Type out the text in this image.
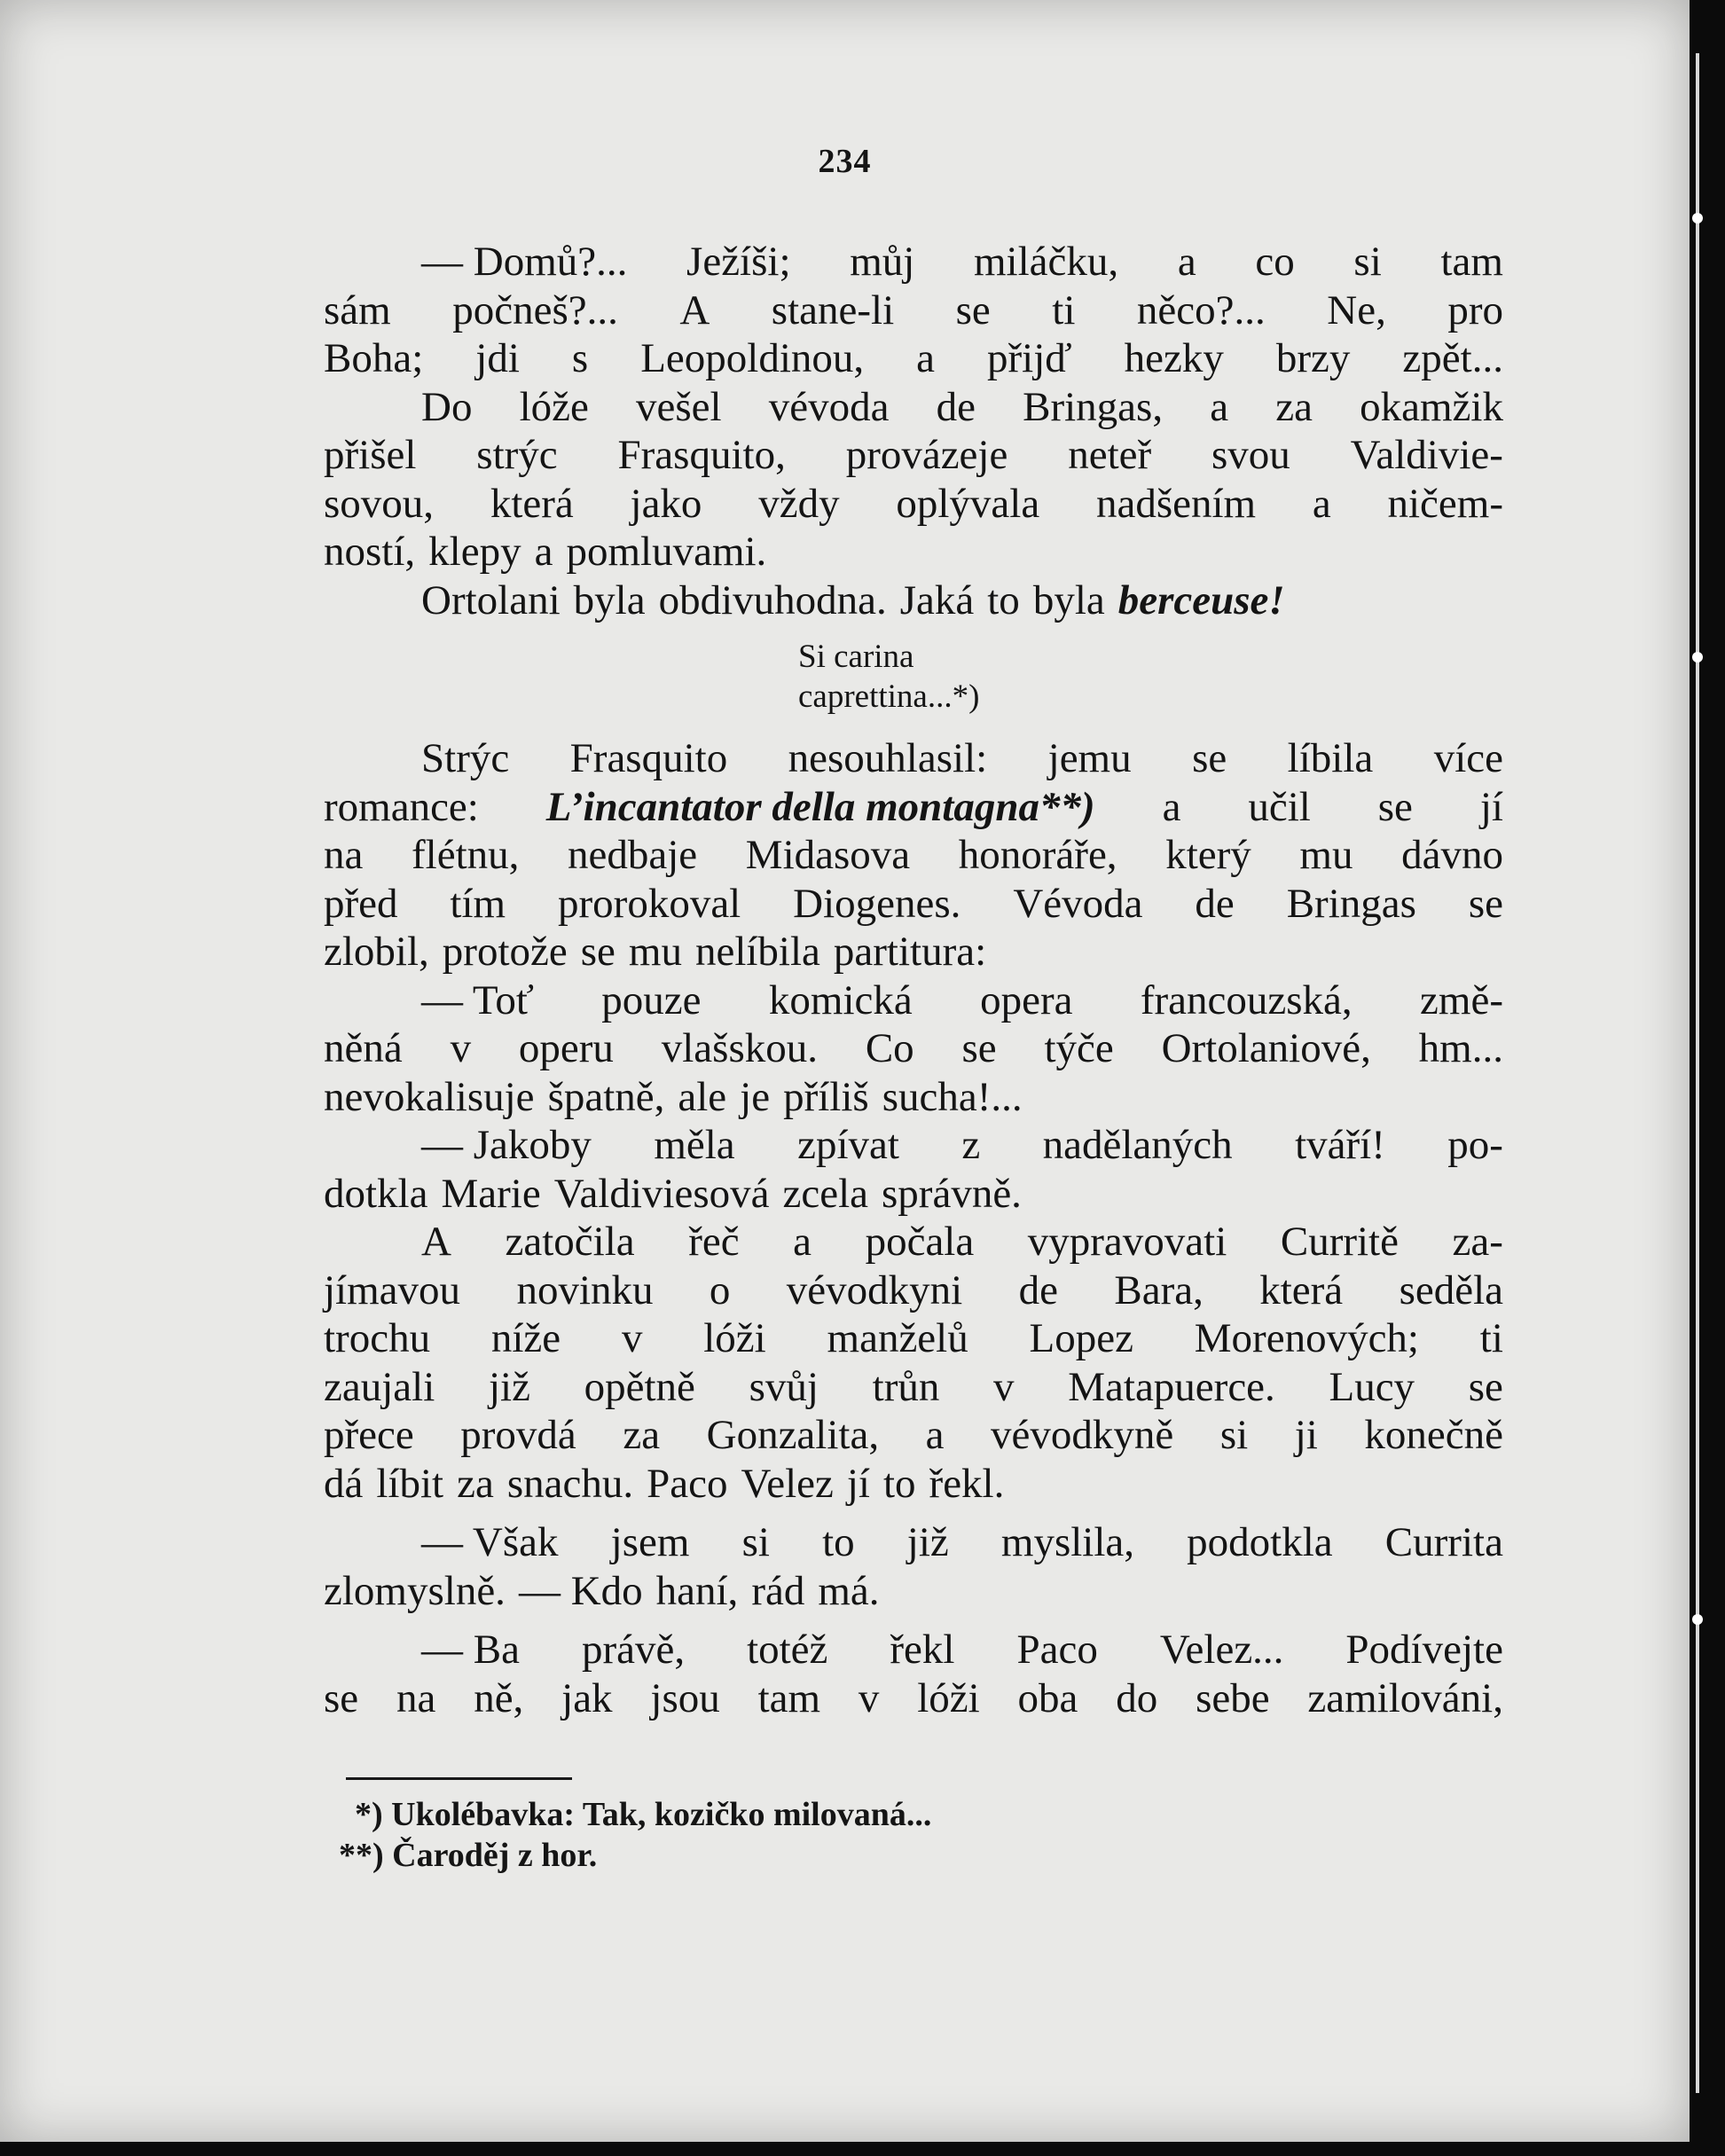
234
— Domů?... Ježíši; můj miláčku, a co si tam
sám počneš?... A stane-li se ti něco?... Ne, pro
Boha; jdi s Leopoldinou, a přijď hezky brzy zpět...
Do lóže vešel vévoda de Bringas, a za okamžik
přišel strýc Frasquito, provázeje neteř svou Valdivie-
sovou, která jako vždy oplývala nadšením a ničem-
ností, klepy a pomluvami.
Ortolani byla obdivuhodna. Jaká to byla berceuse!
Si carina
caprettina...*)
Strýc Frasquito nesouhlasil: jemu se líbila více
romance: L’incantator della montagna**) a učil se jí
na flétnu, nedbaje Midasova honoráře, který mu dávno
před tím prorokoval Diogenes. Vévoda de Bringas se
zlobil, protože se mu nelíbila partitura:
— Toť pouze komická opera francouzská, změ-
něná v operu vlašskou. Co se týče Ortolaniové, hm...
nevokalisuje špatně, ale je příliš sucha!...
— Jakoby měla zpívat z nadělaných tváří! po-
dotkla Marie Valdiviesová zcela správně.
A zatočila řeč a počala vypravovati Curritě za-
jímavou novinku o vévodkyni de Bara, která seděla
trochu níže v lóži manželů Lopez Morenových; ti
zaujali již opětně svůj trůn v Matapuerce. Lucy se
přece provdá za Gonzalita, a vévodkyně si ji konečně
dá líbit za snachu. Paco Velez jí to řekl.
— Však jsem si to již myslila, podotkla Currita
zlomyslně. — Kdo haní, rád má.
— Ba právě, totéž řekl Paco Velez... Podívejte
se na ně, jak jsou tam v lóži oba do sebe zamilováni,
*) Ukolébavka: Tak, kozičko milovaná...
**) Čaroděj z hor.
